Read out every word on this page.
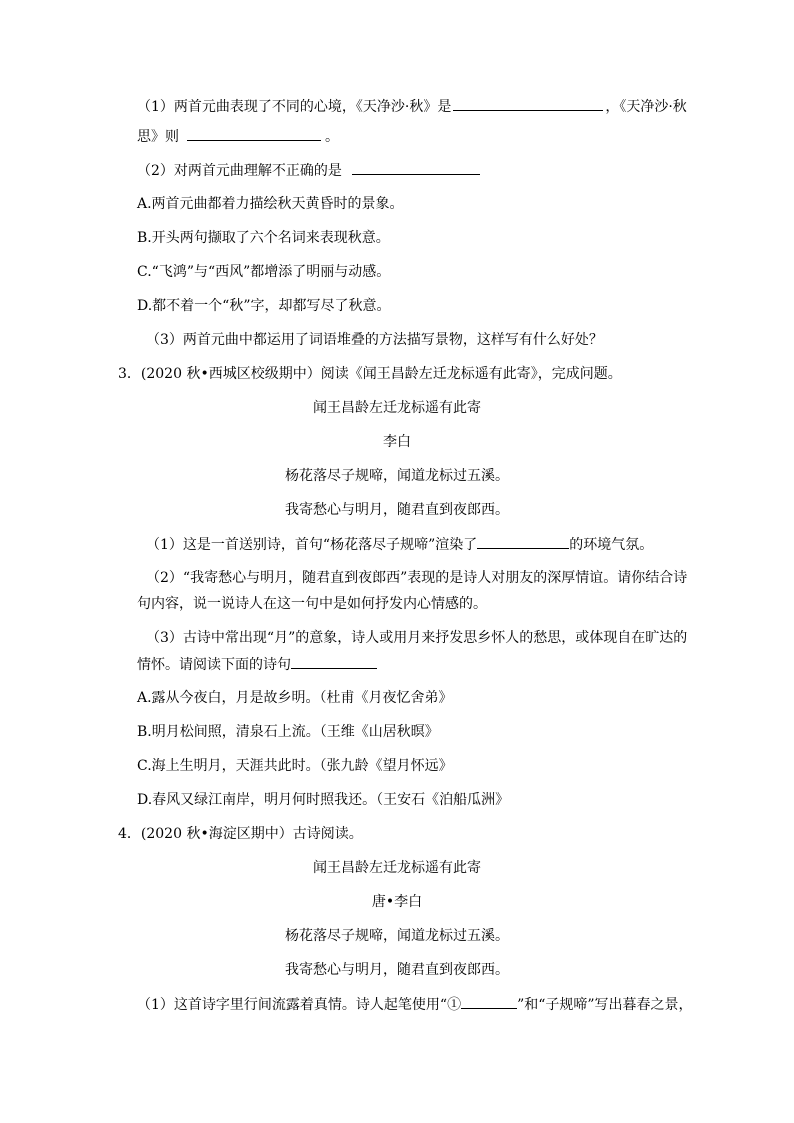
（1）两首元曲表现了不同的心境，《天净沙·秋》是	，《天净沙·秋
思》则	。
（2）对两首元曲理解不正确的是
A.两首元曲都着力描绘秋天黄昏时的景象。
B.开头两句撷取了六个名词来表现秋意。
C.“飞鸿”与“西风”都增添了明丽与动感。
D.都不着一个“秋”字，却都写尽了秋意。
（3）两首元曲中都运用了词语堆叠的方法描写景物，这样写有什么好处？
3．(2020 秋•西城区校级期中）阅读《闻王昌龄左迁龙标遥有此寄》，完成问题。
闻王昌龄左迁龙标遥有此寄
李白
杨花落尽子规啼，闻道龙标过五溪。
我寄愁心与明月，随君直到夜郎西。
（1）这是一首送别诗，首句“杨花落尽子规啼”渲染了	的环境气氛。
（2）“我寄愁心与明月，随君直到夜郎西”表现的是诗人对朋友的深厚情谊。请你结合诗
句内容，说一说诗人在这一句中是如何抒发内心情感的。
（3）古诗中常出现“月”的意象，诗人或用月来抒发思乡怀人的愁思，或体现自在旷达的
情怀。请阅读下面的诗句
A.露从今夜白，月是故乡明。（杜甫《月夜忆舍弟》
B.明月松间照，清泉石上流。（王维《山居秋暝》
C.海上生明月，天涯共此时。（张九龄《望月怀远》
D.春风又绿江南岸，明月何时照我还。（王安石《泊船瓜洲》
4．(2020 秋•海淀区期中）古诗阅读。
闻王昌龄左迁龙标遥有此寄
唐•李白
杨花落尽子规啼，闻道龙标过五溪。
我寄愁心与明月，随君直到夜郎西。
（1）这首诗字里行间流露着真情。诗人起笔使用“①	”和“子规啼”写出暮春之景，
